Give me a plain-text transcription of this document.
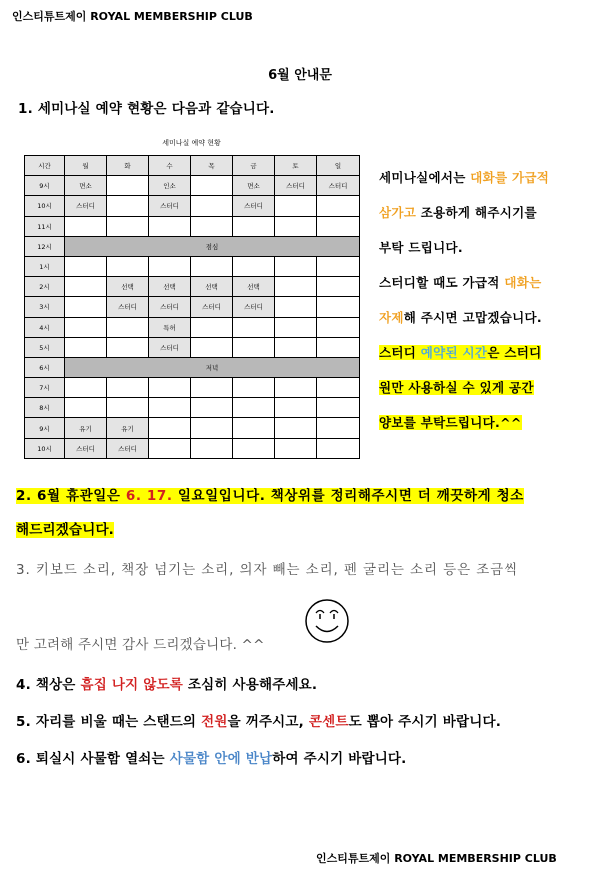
인스티튜트제이 ROYAL MEMBERSHIP CLUB
6월 안내문
1. 세미나실 예약 현황은 다음과 같습니다.
세미나실 예약 현황
시간	월	화	수	목	금	토	일
9시	면소		인소		면소	스터디	스터디
10시	스터디		스터디		스터디		
11시							
12시	점심						
1시							
2시		선택	선택	선택	선택		
3시		스터디	스터디	스터디	스터디		
4시			특허				
5시			스터디				
6시	저녁						
7시							
8시							
9시	유기	유기					
10시	스터디	스터디					

세미나실에서는 대화를 가급적

삼가고 조용하게 해주시기를

부탁 드립니다.

스터디할 때도 가급적 대화는

자제해 주시면 고맙겠습니다.

스터디 예약된 시간은 스터디

원만 사용하실 수 있게 공간

양보를 부탁드립니다.^^

2. 6월 휴관일은 6. 17. 일요일입니다. 책상위를 정리해주시면 더 깨끗하게 청소
해드리겠습니다.
3. 키보드 소리, 책장 넘기는 소리, 의자 빼는 소리, 펜 굴리는 소리 등은 조금씩
만 고려해 주시면 감사 드리겠습니다. ^^
4. 책상은 흠집 나지 않도록 조심히 사용해주세요.
5. 자리를 비울 때는 스탠드의 전원을 꺼주시고, 콘센트도 뽑아 주시기 바랍니다.
6. 퇴실시 사물함 열쇠는 사물함 안에 반납하여 주시기 바랍니다.
인스티튜트제이 ROYAL MEMBERSHIP CLUB
